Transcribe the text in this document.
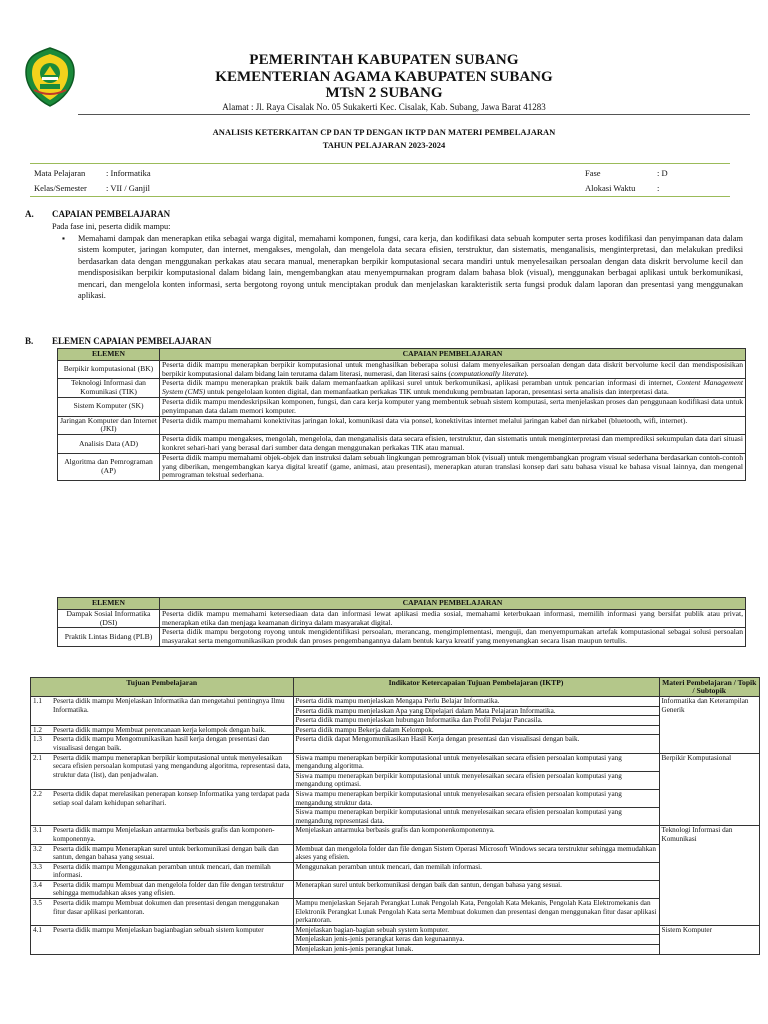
PEMERINTAH KABUPATEN SUBANG
KEMENTERIAN AGAMA KABUPATEN SUBANG
MTsN 2 SUBANG
Alamat : Jl. Raya Cisalak No. 05 Sukakerti Kec. Cisalak, Kab. Subang, Jawa Barat 41283
ANALISIS KETERKAITAN CP DAN TP DENGAN IKTP DAN MATERI PEMBELAJARAN
TAHUN PELAJARAN 2023-2024
Mata Pelajaran : Informatika
Kelas/Semester : VII / Ganjil
Fase	: D
Alokasi Waktu	:
A. CAPAIAN PEMBELAJARAN
Pada fase ini, peserta didik mampu:
▪ Memahami dampak dan menerapkan etika sebagai warga digital, memahami komponen, fungsi, cara kerja, dan kodifikasi data sebuah komputer serta proses kodifikasi dan penyimpanan data dalam sistem komputer, jaringan komputer, dan internet, mengakses, mengolah, dan mengelola data secara efisien, terstruktur, dan sistematis, menganalisis, menginterpretasi, dan melakukan prediksi berdasarkan data dengan menggunakan perkakas atau secara manual, menerapkan berpikir komputasional secara mandiri untuk menyelesaikan persoalan dengan data diskrit bervolume kecil dan mendisposisikan berpikir komputasional dalam bidang lain, mengembangkan atau menyempurnakan program dalam bahasa blok (visual), menggunakan berbagai aplikasi untuk berkomunikasi, mencari, dan mengelola konten informasi, serta bergotong royong untuk menciptakan produk dan menjelaskan karakteristik serta fungsi produk dalam laporan dan presentasi yang menggunakan aplikasi.
B. ELEMEN CAPAIAN PEMBELAJARAN
ELEMEN	CAPAIAN PEMBELAJARAN
Berpikir komputasional (BK)	Peserta didik mampu menerapkan berpikir komputasional untuk menghasilkan beberapa solusi dalam menyelesaikan persoalan dengan data diskrit bervolume kecil dan mendisposisikan berpikir komputasional dalam bidang lain terutama dalam literasi, numerasi, dan literasi sains (computationally literate).
Teknologi Informasi dan Komunikasi (TIK)	Peserta didik mampu menerapkan praktik baik dalam memanfaatkan aplikasi surel untuk berkomunikasi, aplikasi peramban untuk pencarian informasi di internet, Content Management System (CMS) untuk pengelolaan konten digital, dan memanfaatkan perkakas TIK untuk mendukung pembuatan laporan, presentasi serta analisis dan interpretasi data.
Sistem Komputer (SK)	Peserta didik mampu mendeskripsikan komponen, fungsi, dan cara kerja komputer yang membentuk sebuah sistem komputasi, serta menjelaskan proses dan penggunaan kodifikasi data untuk penyimpanan data dalam memori komputer.
Jaringan Komputer dan Internet (JKI)	Peserta didik mampu memahami konektivitas jaringan lokal, komunikasi data via ponsel, konektivitas internet melalui jaringan kabel dan nirkabel (bluetooth, wifi, internet).
Analisis Data (AD)	Peserta didik mampu mengakses, mengolah, mengelola, dan menganalisis data secara efisien, terstruktur, dan sistematis untuk menginterpretasi dan memprediksi sekumpulan data dari situasi konkret sehari-hari yang berasal dari sumber data dengan menggunakan perkakas TIK atau manual.
Algoritma dan Pemrograman (AP)	Peserta didik mampu memahami objek-objek dan instruksi dalam sebuah lingkungan pemrograman blok (visual) untuk mengembangkan program visual sederhana berdasarkan contoh-contoh yang diberikan, mengembangkan karya digital kreatif (game, animasi, atau presentasi), menerapkan aturan translasi konsep dari satu bahasa visual ke bahasa visual lainnya, dan mengenal pemrograman tekstual sederhana.
ELEMEN	CAPAIAN PEMBELAJARAN
Dampak Sosial Informatika (DSI)	Peserta didik mampu memahami ketersediaan data dan informasi lewat aplikasi media sosial, memahami keterbukaan informasi, memilih informasi yang bersifat publik atau privat, menerapkan etika dan menjaga keamanan dirinya dalam masyarakat digital.
Praktik Lintas Bidang (PLB)	Peserta didik mampu bergotong royong untuk mengidentifikasi persoalan, merancang, mengimplementasi, menguji, dan menyempurnakan artefak komputasional sebagai solusi persoalan masyarakat serta mengomunikasikan produk dan proses pengembangannya dalam bentuk karya kreatif yang menyenangkan secara lisan maupun tertulis.
Tujuan Pembelajaran		Indikator Ketercapaian Tujuan Pembelajaran (IKTP)	Materi Pembelajaran / Topik / Subtopik
1.1	Peserta didik mampu Menjelaskan Informatika dan mengetahui pentingnya Ilmu Informatika.	Peserta didik mampu menjelaskan Mengapa Perlu Belajar Informatika.	Informatika dan Keterampilan Generik
		Peserta didik mampu menjelaskan Apa yang Dipelajari dalam Mata Pelajaran Informatika.	
		Peserta didik mampu menjelaskan hubungan Informatika dan Profil Pelajar Pancasila.	
1.2	Peserta didik mampu Membuat perencanaan kerja kelompok dengan baik.	Peserta didik mampu Bekerja dalam Kelompok.	
1.3	Peserta didik mampu Mengomunikasikan hasil kerja dengan presentasi dan visualisasi dengan baik.	Peserta didik dapat Mengomunikasikan Hasil Kerja dengan presentasi dan visualisasi dengan baik.	
2.1	Peserta didik mampu menerapkan berpikir komputasional untuk menyelesaikan secara efisien persoalan komputasi yang mengandung algoritma, representasi data, struktur data (list), dan penjadwalan.	Siswa mampu menerapkan berpikir komputasional untuk menyelesaikan secara efisien persoalan komputasi yang mengandung algoritma.	Berpikir Komputasional
		Siswa mampu menerapkan berpikir komputasional untuk menyelesaikan secara efisien persoalan komputasi yang mengandung optimasi.	
2.2	Peserta didik dapat merelasikan penerapan konsep Informatika yang terdapat pada setiap soal dalam kehidupan seharihari.	Siswa mampu menerapkan berpikir komputasional untuk menyelesaikan secara efisien persoalan komputasi yang mengandung struktur data.	
		Siswa mampu menerapkan berpikir komputasional untuk menyelesaikan secara efisien persoalan komputasi yang mengandung representasi data.	
3.1	Peserta didik mampu Menjelaskan antarmuka berbasis grafis dan komponen-komponennya.	Menjelaskan antarmuka berbasis grafis dan komponenkomponennya.	Teknologi Informasi dan Komunikasi
3.2	Peserta didik mampu Menerapkan surel untuk berkomunikasi dengan baik dan santun, dengan bahasa yang sesuai.	Membuat dan mengelola folder dan file dengan Sistem Operasi Microsoft Windows secara terstruktur sehingga memudahkan akses yang efisien.	
3.3	Peserta didik mampu Menggunakan peramban untuk mencari, dan memilah informasi.	Menggunakan peramban untuk mencari, dan memilah informasi.	
3.4	Peserta didik mampu Membuat dan mengelola folder dan file dengan terstruktur sehingga memudahkan akses yang efisien.	Menerapkan surel untuk berkomunikasi dengan baik dan santun, dengan bahasa yang sesuai.	
3.5	Peserta didik mampu Membuat dokumen dan presentasi dengan menggunakan fitur dasar aplikasi perkantoran.	Mampu menjelaskan Sejarah Perangkat Lunak Pengolah Kata, Pengolah Kata Mekanis, Pengolah Kata Elektromekanis dan Elektronik Perangkat Lunak Pengolah Kata serta Membuat dokumen dan presentasi dengan menggunakan fitur dasar aplikasi perkantoran.	
4.1	Peserta didik mampu Menjelaskan bagianbagian sebuah sistem komputer	Menjelaskan bagian-bagian sebuah system komputer.	Sistem Komputer
		Menjelaskan jenis-jenis perangkat keras dan kegunaannya.	
		Menjelaskan jenis-jenis perangkat lunak.	
